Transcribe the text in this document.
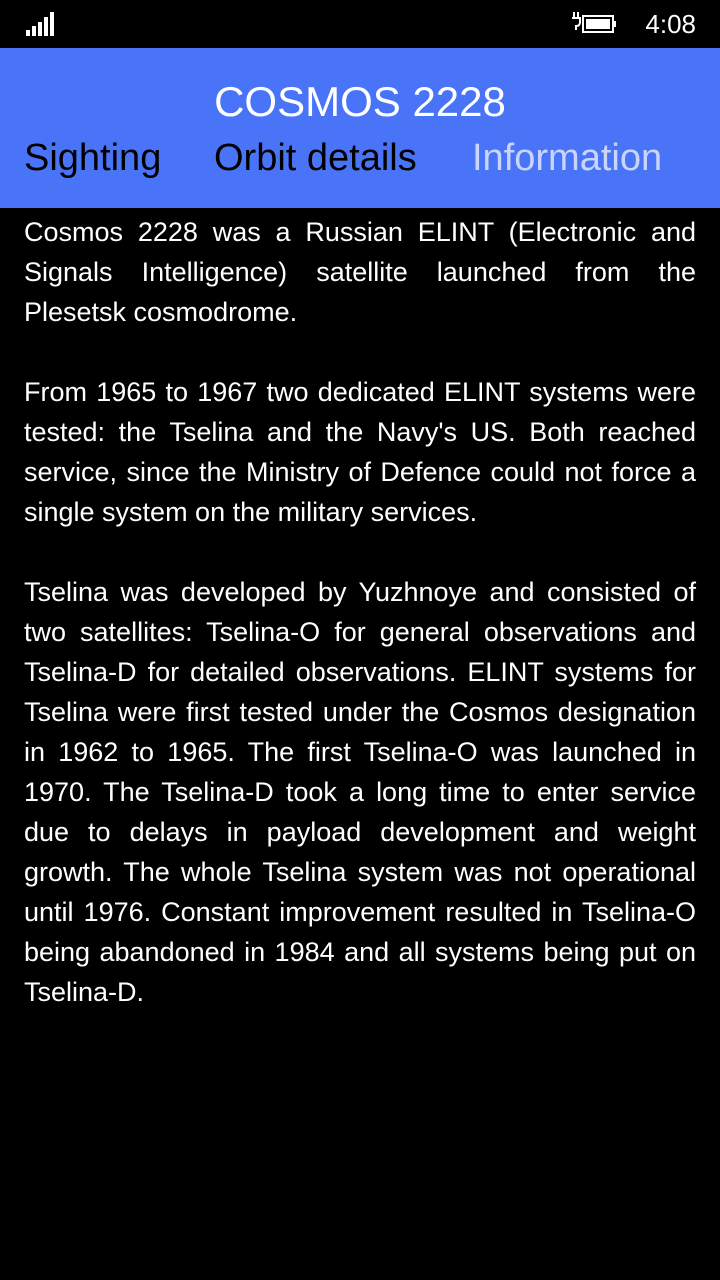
4:08
COSMOS 2228
Sighting Orbit details Information

Cosmos 2228 was a Russian ELINT (Electronic and Signals Intelligence) satellite launched from the Plesetsk cosmodrome.

From 1965 to 1967 two dedicated ELINT systems were tested: the Tselina and the Navy's US. Both reached service, since the Ministry of Defence could not force a single system on the military services.

Tselina was developed by Yuzhnoye and consisted of two satellites: Tselina-O for general observations and Tselina-D for detailed observations. ELINT systems for Tselina were first tested under the Cosmos designation in 1962 to 1965. The first Tselina-O was launched in 1970. The Tselina-D took a long time to enter service due to delays in payload development and weight growth. The whole Tselina system was not operational until 1976. Constant improvement resulted in Tselina-O being abandoned in 1984 and all systems being put on Tselina-D.
